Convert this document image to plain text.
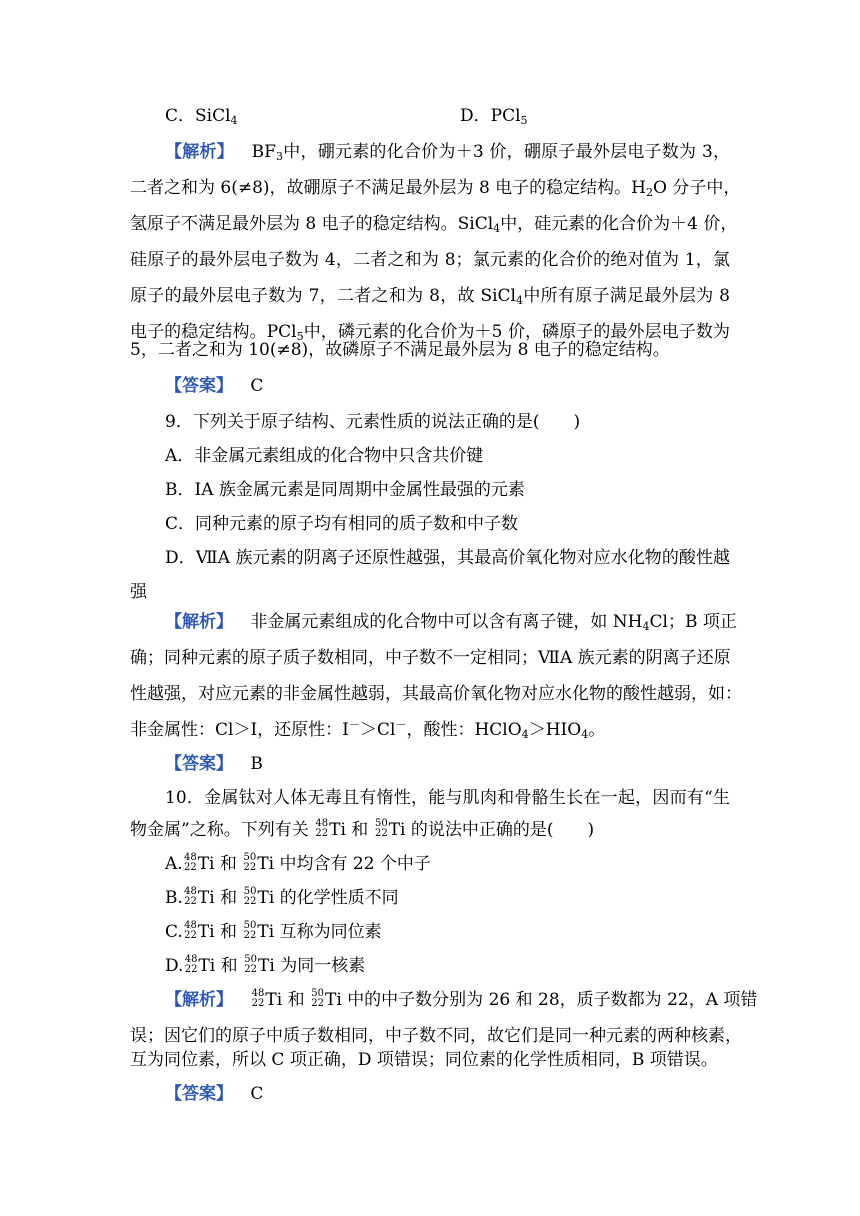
C．SiCl$_4$	D．PCl$_5$
【解析】 $BF_3$中，硼元素的化合价为＋3 价，硼原子最外层电子数为 3，
二者之和为 6(≠8)，故硼原子不满足最外层为 8 电子的稳定结构。$H_2O$ 分子中，
氢原子不满足最外层为 8 电子的稳定结构。SiCl$_4$中，硅元素的化合价为＋4 价，
硅原子的最外层电子数为 4，二者之和为 8；氯元素的化合价的绝对值为 1，氯
原子的最外层电子数为 7，二者之和为 8，故 SiCl$_4$中所有原子满足最外层为 8
电子的稳定结构。PCl$_5$中，磷元素的化合价为＋5 价，磷原子的最外层电子数为
5，二者之和为 10(≠8)，故磷原子不满足最外层为 8 电子的稳定结构。
【答案】 C
9．下列关于原子结构、元素性质的说法正确的是(　　)
A．非金属元素组成的化合物中只含共价键
B．ⅠA 族金属元素是同周期中金属性最强的元素
C．同种元素的原子均有相同的质子数和中子数
D．ⅦA 族元素的阴离子还原性越强，其最高价氧化物对应水化物的酸性越
强
【解析】 非金属元素组成的化合物中可以含有离子键，如 $NH_4Cl$；B 项正
确；同种元素的原子质子数相同，中子数不一定相同；ⅦA 族元素的阴离子还原
性越强，对应元素的非金属性越弱，其最高价氧化物对应水化物的酸性越弱，如：
非金属性：Cl＞I，还原性：I－＞Cl－，酸性：$HClO_4>HIO_4$。
【答案】 B
10．金属钛对人体无毒且有惰性，能与肌肉和骨骼生长在一起，因而有“生
物金属”之称。下列有关 48
22 Ti 和 50
22 Ti 的说法中正确的是(　　)
A. 48
22 Ti 和 50
22 Ti 中均含有 22 个中子
B. 48
22 Ti 和 50
22 Ti 的化学性质不同
C. 48
22 Ti 和 50
22 Ti 互称为同位素
D. 48
22 Ti 和 50
22 Ti 为同一核素
【解析】 48
22 Ti 和 50
22 Ti 中的中子数分别为 26 和 28，质子数都为 22，A 项错
误；因它们的原子中质子数相同，中子数不同，故它们是同一种元素的两种核素，
互为同位素，所以 C 项正确，D 项错误；同位素的化学性质相同，B 项错误。
【答案】 C
